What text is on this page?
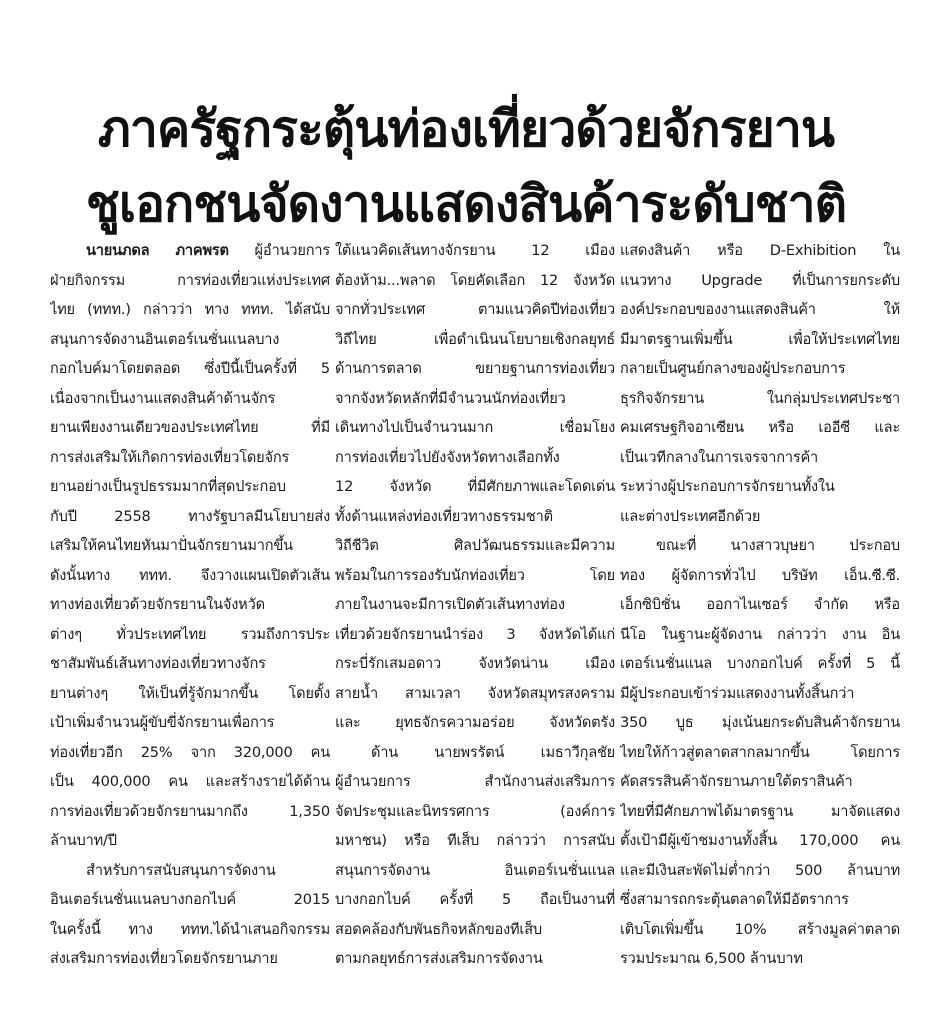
ภาครัฐกระตุ้นท่องเที่ยวด้วยจักรยาน
ชูเอกชนจัดงานแสดงสินค้าระดับชาติ
นายนภดล ภาคพรต ผู้อำนวยการ
ฝ่ายกิจกรรม การท่องเที่ยวแห่งประเทศ
ไทย (ททท.) กล่าวว่า ทาง ททท. ได้สนับ
สนุนการจัดงานอินเตอร์เนชั่นแนลบาง
กอกไบค์มาโดยตลอด ซึ่งปีนี้เป็นครั้งที่ 5
เนื่องจากเป็นงานแสดงสินค้าด้านจักร
ยานเพียงงานเดียวของประเทศไทย ที่มี
การส่งเสริมให้เกิดการท่องเที่ยวโดยจักร
ยานอย่างเป็นรูปธรรมมากที่สุดประกอบ
กับปี 2558 ทางรัฐบาลมีนโยบายส่ง
เสริมให้คนไทยหันมาปั่นจักรยานมากขึ้น
ดังนั้นทาง ททท. จึงวางแผนเปิดตัวเส้น
ทางท่องเที่ยวด้วยจักรยานในจังหวัด
ต่างๆ ทั่วประเทศไทย รวมถึงการประ
ชาสัมพันธ์เส้นทางท่องเที่ยวทางจักร
ยานต่างๆ ให้เป็นที่รู้จักมากขึ้น โดยตั้ง
เป้าเพิ่มจำนวนผู้ขับขี่จักรยานเพื่อการ
ท่องเที่ยวอีก 25% จาก 320,000 คน
เป็น 400,000 คน และสร้างรายได้ด้าน
การท่องเที่ยวด้วยจักรยานมากถึง 1,350
ล้านบาท/ปี
สำหรับการสนับสนุนการจัดงาน
อินเตอร์เนชั่นแนลบางกอกไบค์ 2015
ในครั้งนี้ ทาง ททท.ได้นำเสนอกิจกรรม
ส่งเสริมการท่องเที่ยวโดยจักรยานภาย
ใต้แนวคิดเส้นทางจักรยาน 12 เมือง
ต้องห้าม...พลาด โดยคัดเลือก 12 จังหวัด
จากทั่วประเทศ ตามแนวคิดปีท่องเที่ยว
วิถีไทย เพื่อดำเนินนโยบายเชิงกลยุทธ์
ด้านการตลาด ขยายฐานการท่องเที่ยว
จากจังหวัดหลักที่มีจำนวนนักท่องเที่ยว
เดินทางไปเป็นจำนวนมาก เชื่อมโยง
การท่องเที่ยวไปยังจังหวัดทางเลือกทั้ง
12 จังหวัด ที่มีศักยภาพและโดดเด่น
ทั้งด้านแหล่งท่องเที่ยวทางธรรมชาติ
วิถีชีวิต ศิลปวัฒนธรรมและมีความ
พร้อมในการรองรับนักท่องเที่ยว โดย
ภายในงานจะมีการเปิดตัวเส้นทางท่อง
เที่ยวด้วยจักรยานนำร่อง 3 จังหวัดได้แก่
กระบี่รักเสมอดาว จังหวัดน่าน เมือง
สายน้ำ สามเวลา จังหวัดสมุทรสงคราม
และ ยุทธจักรความอร่อย จังหวัดตรัง
ด้าน นายพรรัตน์ เมธาวีกุลชัย
ผู้อำนวยการ สำนักงานส่งเสริมการ
จัดประชุมและนิทรรศการ (องค์การ
มหาชน) หรือ ทีเส็บ กล่าวว่า การสนับ
สนุนการจัดงาน อินเตอร์เนชั่นแนล
บางกอกไบค์ ครั้งที่ 5 ถือเป็นงานที่
สอดคล้องกับพันธกิจหลักของทีเส็บ
ตามกลยุทธ์การส่งเสริมการจัดงาน
แสดงสินค้า หรือ D-Exhibition ใน
แนวทาง Upgrade ที่เป็นการยกระดับ
องค์ประกอบของงานแสดงสินค้า ให้
มีมาตรฐานเพิ่มขึ้น เพื่อให้ประเทศไทย
กลายเป็นศูนย์กลางของผู้ประกอบการ
ธุรกิจจักรยาน ในกลุ่มประเทศประชา
คมเศรษฐกิจอาเซียน หรือ เออีซี และ
เป็นเวทีกลางในการเจรจาการค้า
ระหว่างผู้ประกอบการจักรยานทั้งใน
และต่างประเทศอีกด้วย
ขณะที่ นางสาวบุษยา ประกอบ
ทอง ผู้จัดการทั่วไป บริษัท เอ็น.ซี.ซี.
เอ็กซิบิชั่น ออกาไนเซอร์ จำกัด หรือ
นีโอ ในฐานะผู้จัดงาน กล่าวว่า งาน อิน
เตอร์เนชั่นแนล บางกอกไบค์ ครั้งที่ 5 นี้
มีผู้ประกอบเข้าร่วมแสดงงานทั้งสิ้นกว่า
350 บูธ มุ่งเน้นยกระดับสินค้าจักรยาน
ไทยให้ก้าวสู่ตลาดสากลมากขึ้น โดยการ
คัดสรรสินค้าจักรยานภายใต้ตราสินค้า
ไทยที่มีศักยภาพได้มาตรฐาน มาจัดแสดง
ตั้งเป้ามีผู้เข้าชมงานทั้งสิ้น 170,000 คน
และมีเงินสะพัดไม่ต่ำกว่า 500 ล้านบาท
ซึ่งสามารถกระตุ้นตลาดให้มีอัตราการ
เติบโตเพิ่มขึ้น 10% สร้างมูลค่าตลาด
รวมประมาณ 6,500 ล้านบาท
